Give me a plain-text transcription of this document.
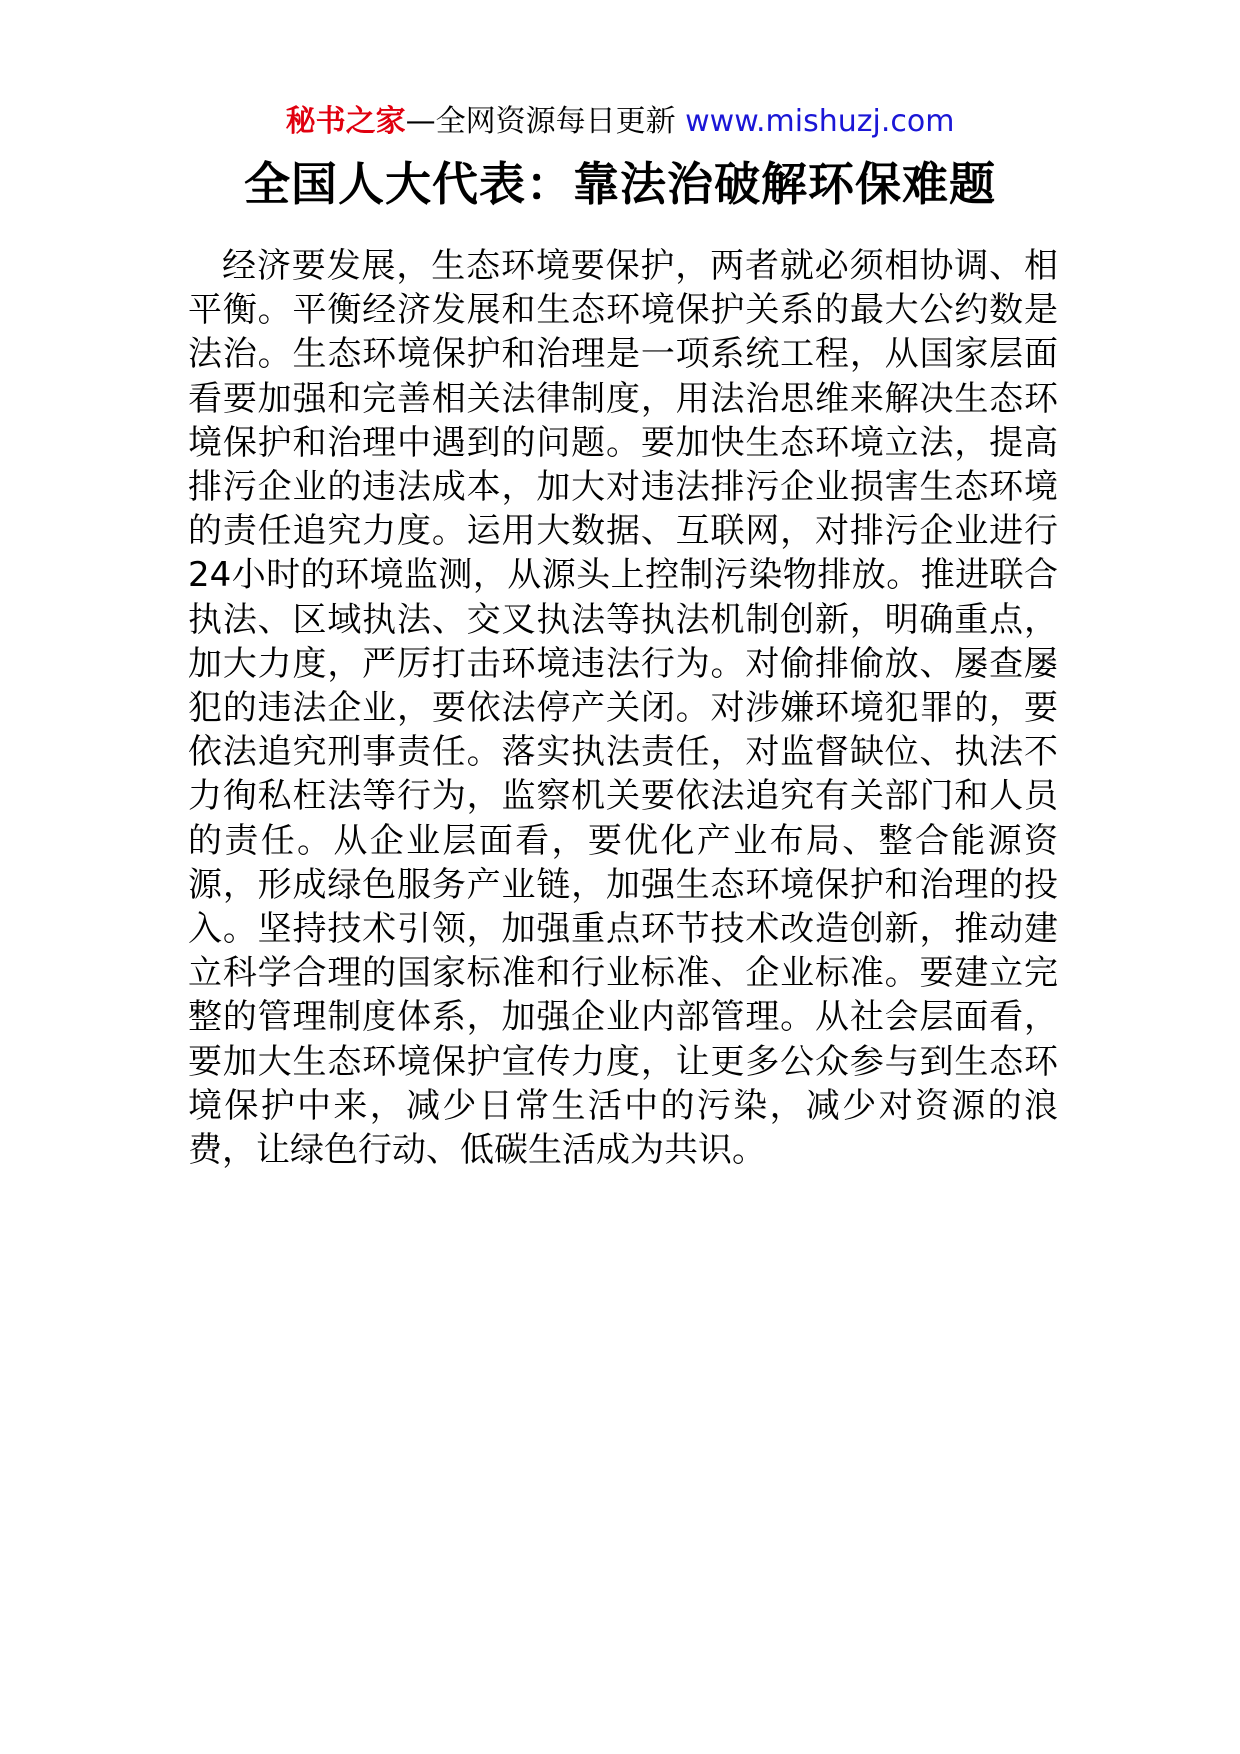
秘书之家—全网资源每日更新 www.mishuzj.com
全国人大代表：靠法治破解环保难题

经济要发展，生态环境要保护，两者就必须相协调、相平衡。平衡经济发展和生态环境保护关系的最大公约数是法治。生态环境保护和治理是一项系统工程，从国家层面看要加强和完善相关法律制度，用法治思维来解决生态环境保护和治理中遇到的问题。要加快生态环境立法，提高排污企业的违法成本，加大对违法排污企业损害生态环境的责任追究力度。运用大数据、互联网，对排污企业进行 24小时的环境监测，从源头上控制污染物排放。推进联合执法、区域执法、交叉执法等执法机制创新，明确重点，加大力度，严厉打击环境违法行为。对偷排偷放、屡查屡犯的违法企业，要依法停产关闭。对涉嫌环境犯罪的，要依法追究刑事责任。落实执法责任，对监督缺位、执法不力徇私枉法等行为，监察机关要依法追究有关部门和人员的责任。从企业层面看，要优化产业布局、整合能源资源，形成绿色服务产业链，加强生态环境保护和治理的投入。坚持技术引领，加强重点环节技术改造创新，推动建立科学合理的国家标准和行业标准、企业标准。要建立完整的管理制度体系，加强企业内部管理。从社会层面看，要加大生态环境保护宣传力度，让更多公众参与到生态环境保护中来，减少日常生活中的污染，减少对资源的浪费，让绿色行动、低碳生活成为共识。
